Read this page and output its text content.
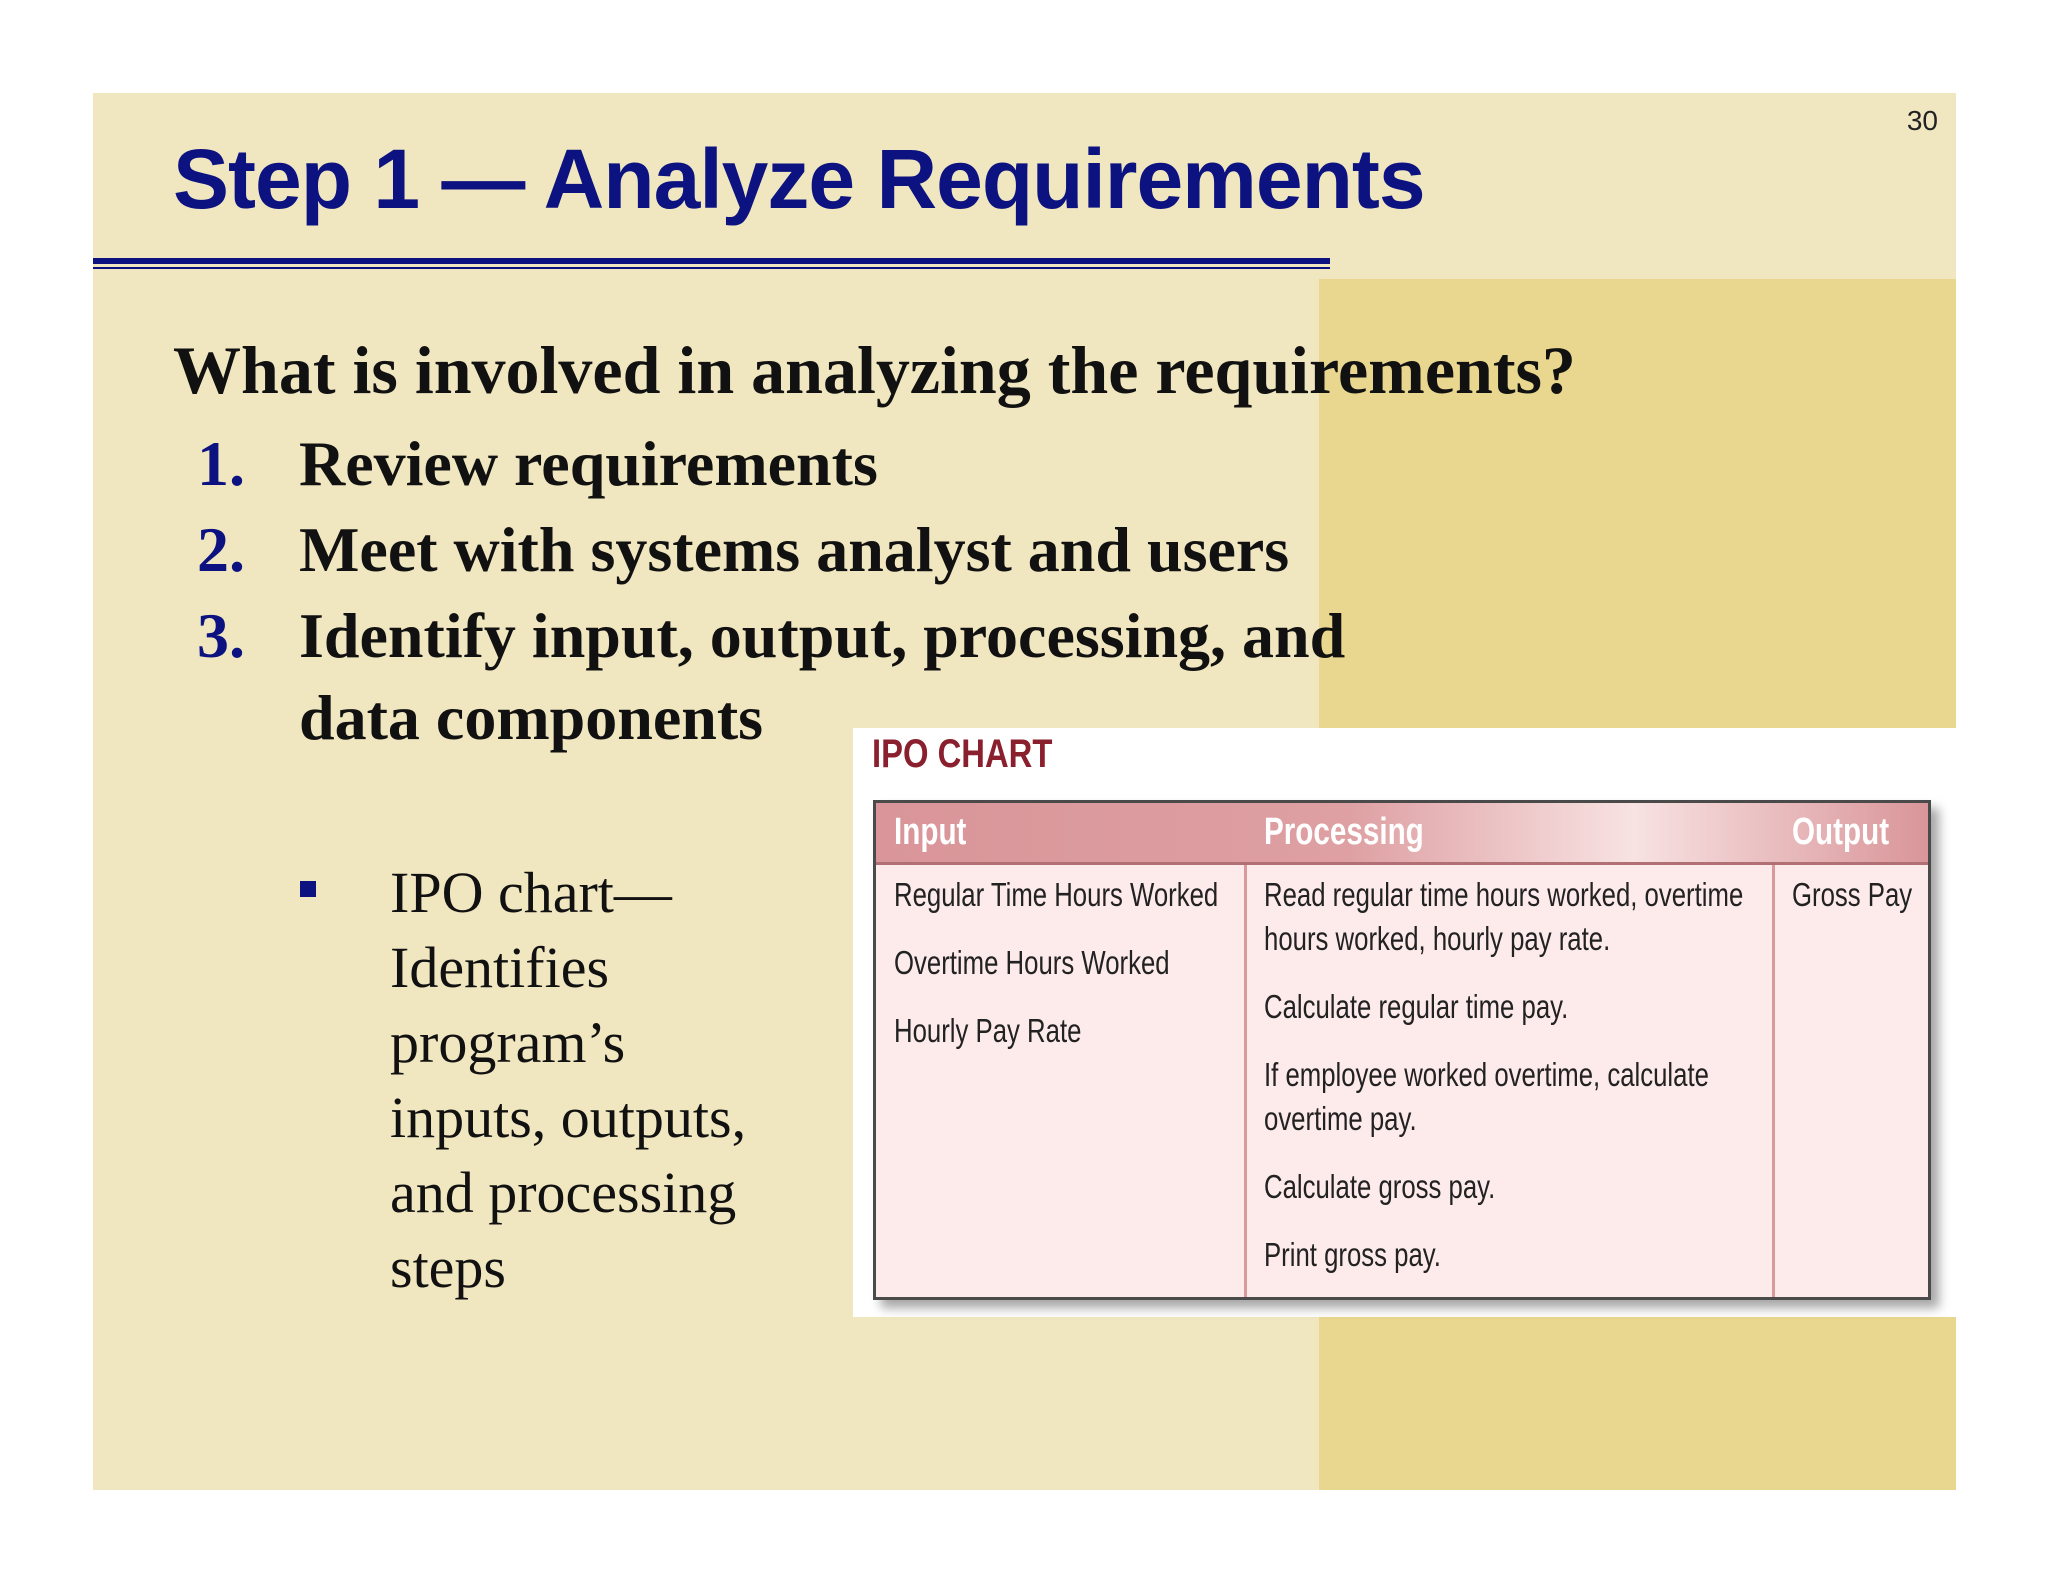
30
Step 1 — Analyze Requirements

What is involved in analyzing the requirements?

1. Review requirements
2. Meet with systems analyst and users
3. Identify input, output, processing, and data components
IPO chart—Identifies program’s inputs, outputs, and processing steps
IPO CHART
Input	Processing	Output
Regular Time Hours Worked
Overtime Hours Worked
Hourly Pay Rate
Read regular time hours worked, overtime hours worked, hourly pay rate.
Calculate regular time pay.
If employee worked overtime, calculate overtime pay.
Calculate gross pay.
Print gross pay.
Gross Pay
